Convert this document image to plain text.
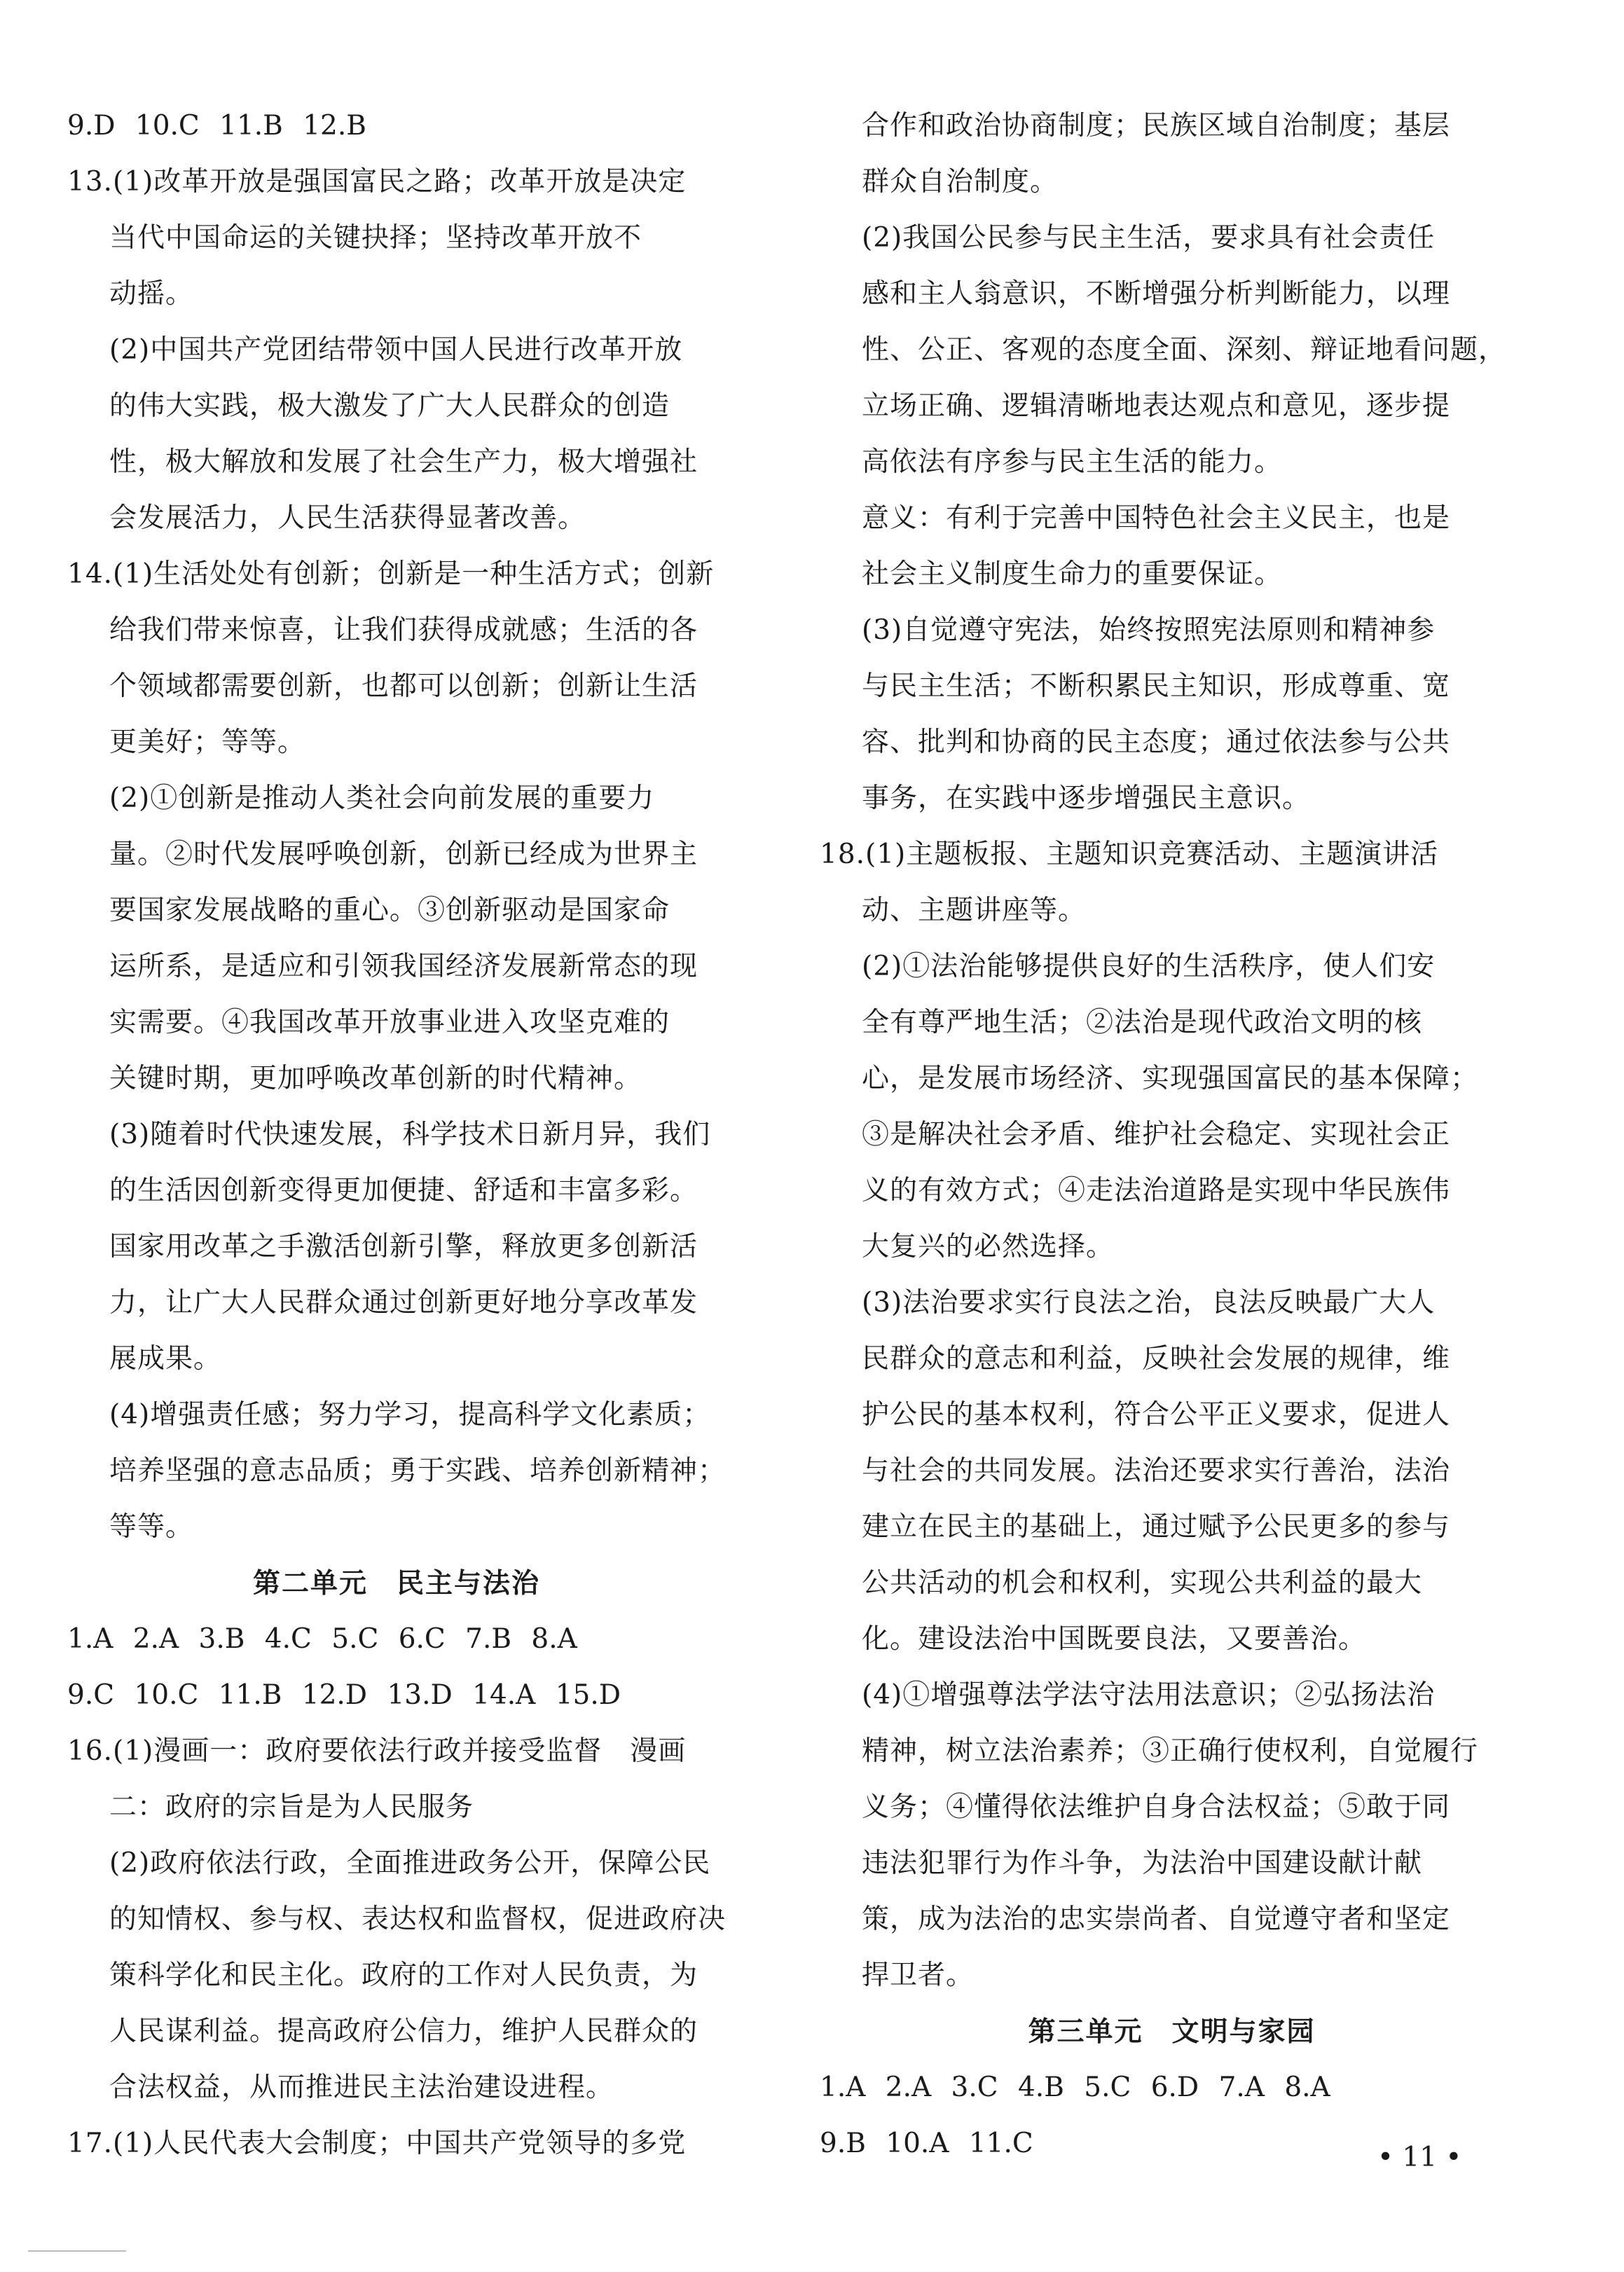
9.D 10.C 11.B 12.B
13.(1)改革开放是强国富民之路；改革开放是决定
当代中国命运的关键抉择；坚持改革开放不
动摇。
(2)中国共产党团结带领中国人民进行改革开放
的伟大实践，极大激发了广大人民群众的创造
性，极大解放和发展了社会生产力，极大增强社
会发展活力，人民生活获得显著改善。
14.(1)生活处处有创新；创新是一种生活方式；创新
给我们带来惊喜，让我们获得成就感；生活的各
个领域都需要创新，也都可以创新；创新让生活
更美好；等等。
(2)①创新是推动人类社会向前发展的重要力
量。②时代发展呼唤创新，创新已经成为世界主
要国家发展战略的重心。③创新驱动是国家命
运所系，是适应和引领我国经济发展新常态的现
实需要。④我国改革开放事业进入攻坚克难的
关键时期，更加呼唤改革创新的时代精神。
(3)随着时代快速发展，科学技术日新月异，我们
的生活因创新变得更加便捷、舒适和丰富多彩。
国家用改革之手激活创新引擎，释放更多创新活
力，让广大人民群众通过创新更好地分享改革发
展成果。
(4)增强责任感；努力学习，提高科学文化素质；
培养坚强的意志品质；勇于实践、培养创新精神；
等等。
第二单元　民主与法治
1.A 2.A 3.B 4.C 5.C 6.C 7.B 8.A
9.C 10.C 11.B 12.D 13.D 14.A 15.D
16.(1)漫画一：政府要依法行政并接受监督　漫画
二：政府的宗旨是为人民服务
(2)政府依法行政，全面推进政务公开，保障公民
的知情权、参与权、表达权和监督权，促进政府决
策科学化和民主化。政府的工作对人民负责，为
人民谋利益。提高政府公信力，维护人民群众的
合法权益，从而推进民主法治建设进程。
17.(1)人民代表大会制度；中国共产党领导的多党
合作和政治协商制度；民族区域自治制度；基层
群众自治制度。
(2)我国公民参与民主生活，要求具有社会责任
感和主人翁意识，不断增强分析判断能力，以理
性、公正、客观的态度全面、深刻、辩证地看问题，
立场正确、逻辑清晰地表达观点和意见，逐步提
高依法有序参与民主生活的能力。
意义：有利于完善中国特色社会主义民主，也是
社会主义制度生命力的重要保证。
(3)自觉遵守宪法，始终按照宪法原则和精神参
与民主生活；不断积累民主知识，形成尊重、宽
容、批判和协商的民主态度；通过依法参与公共
事务，在实践中逐步增强民主意识。
18.(1)主题板报、主题知识竞赛活动、主题演讲活
动、主题讲座等。
(2)①法治能够提供良好的生活秩序，使人们安
全有尊严地生活；②法治是现代政治文明的核
心，是发展市场经济、实现强国富民的基本保障；
③是解决社会矛盾、维护社会稳定、实现社会正
义的有效方式；④走法治道路是实现中华民族伟
大复兴的必然选择。
(3)法治要求实行良法之治，良法反映最广大人
民群众的意志和利益，反映社会发展的规律，维
护公民的基本权利，符合公平正义要求，促进人
与社会的共同发展。法治还要求实行善治，法治
建立在民主的基础上，通过赋予公民更多的参与
公共活动的机会和权利，实现公共利益的最大
化。建设法治中国既要良法，又要善治。
(4)①增强尊法学法守法用法意识；②弘扬法治
精神，树立法治素养；③正确行使权利，自觉履行
义务；④懂得依法维护自身合法权益；⑤敢于同
违法犯罪行为作斗争，为法治中国建设献计献
策，成为法治的忠实崇尚者、自觉遵守者和坚定
捍卫者。
第三单元　文明与家园
1.A 2.A 3.C 4.B 5.C 6.D 7.A 8.A
9.B 10.A 11.C	• 11 •
